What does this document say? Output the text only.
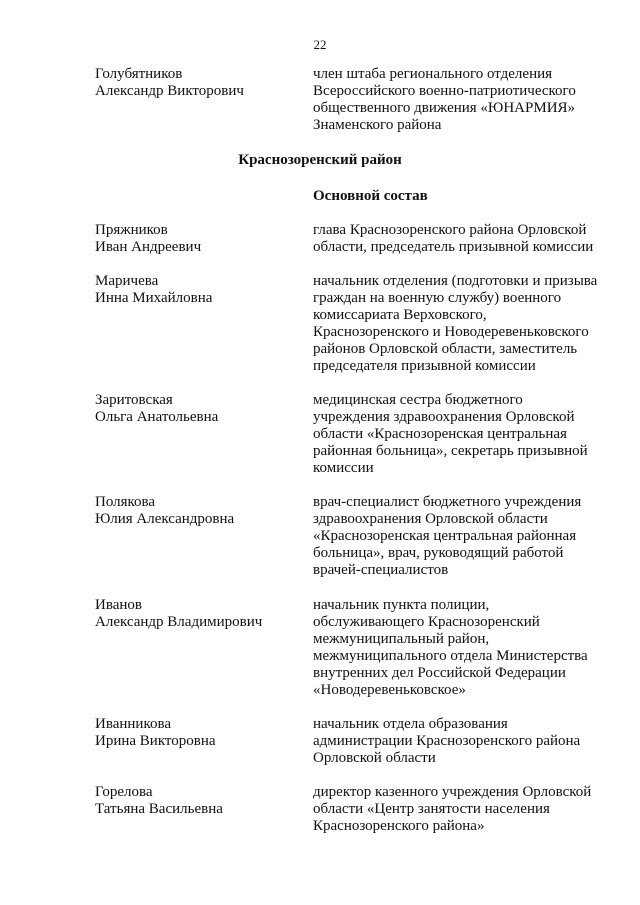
22
Голубятников
Александр Викторович
член штаба регионального отделения
Всероссийского военно-патриотического
общественного движения «ЮНАРМИЯ»
Знаменского района
Краснозоренский район
Основной состав
Пряжников
Иван Андреевич
глава Краснозоренского района Орловской
области, председатель призывной комиссии
Маричева
Инна Михайловна
начальник отделения (подготовки и призыва
граждан на военную службу) военного
комиссариата Верховского,
Краснозоренского и Новодеревеньковского
районов Орловской области, заместитель
председателя призывной комиссии
Заритовская
Ольга Анатольевна
медицинская сестра бюджетного
учреждения здравоохранения Орловской
области «Краснозоренская центральная
районная больница», секретарь призывной
комиссии
Полякова
Юлия Александровна
врач-специалист бюджетного учреждения
здравоохранения Орловской области
«Краснозоренская центральная районная
больница», врач, руководящий работой
врачей-специалистов
Иванов
Александр Владимирович
начальник пункта полиции,
обслуживающего Краснозоренский
межмуниципальный район,
межмуниципального отдела Министерства
внутренних дел Российской Федерации
«Новодеревеньковское»
Иванникова
Ирина Викторовна
начальник отдела образования
администрации Краснозоренского района
Орловской области
Горелова
Татьяна Васильевна
директор казенного учреждения Орловской
области «Центр занятости населения
Краснозоренского района»
